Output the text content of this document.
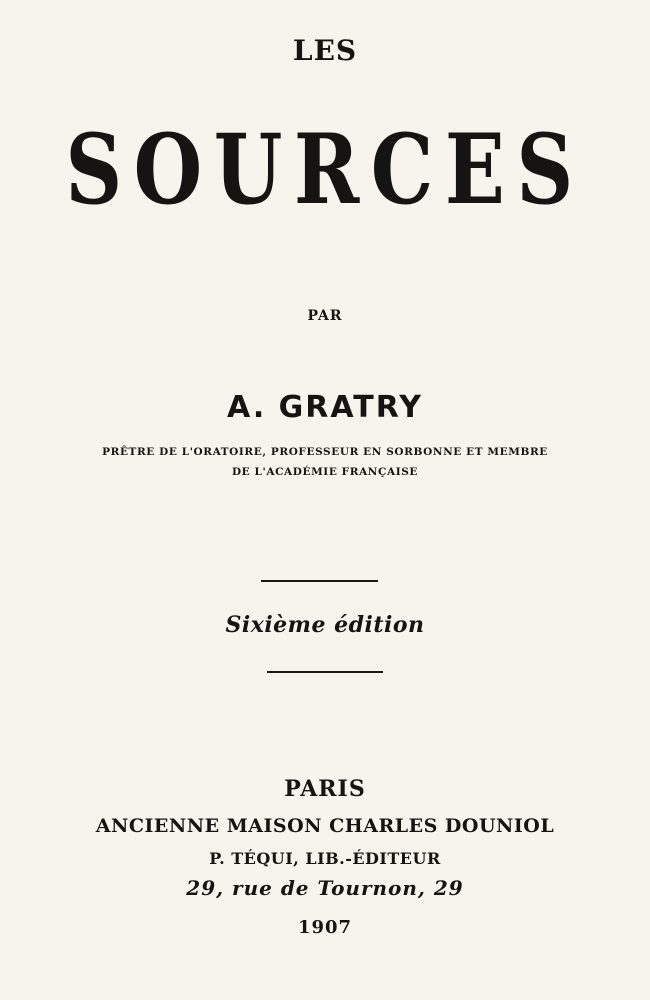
LES
SOURCES
PAR
A. GRATRY
PRÊTRE DE L'ORATOIRE, PROFESSEUR EN SORBONNE ET MEMBRE
DE L'ACADÉMIE FRANÇAISE
Sixième édition
PARIS
ANCIENNE MAISON CHARLES DOUNIOL
P. TÉQUI, LIB.-ÉDITEUR
29, rue de Tournon, 29
1907
